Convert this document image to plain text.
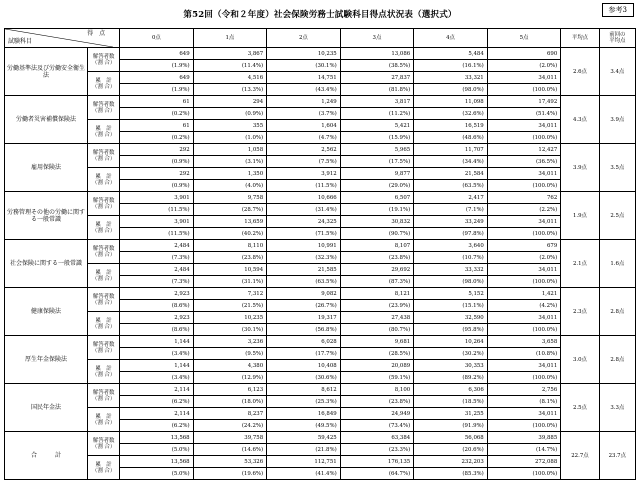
第52回（令和２年度）社会保険労務士試験科目得点状況表（選択式）	参考3
得　点
試験科目		0点	1点	2点	3点	4点	5点	平均点	前回の
平均点
労働基準法及び労働安全衛生法	解答者数
（割 合）	649	3,867	10,235	13,086	5,484	690	2.6点	3.4点
		(1.9%)	(11.4%)	(30.1%)	(38.5%)	(16.1%)	(2.0%)		
	累　計
（割 合）	649	4,516	14,751	27,837	33,321	34,011		
		(1.9%)	(13.3%)	(43.4%)	(81.8%)	(98.0%)	(100.0%)		
労働者災害補償保険法	解答者数
（割 合）	61	294	1,249	3,817	11,098	17,492	4.3点	3.9点
		(0.2%)	(0.9%)	(3.7%)	(11.2%)	(32.6%)	(51.4%)		
	累　計
（割 合）	61	355	1,604	5,421	16,519	34,011		
		(0.2%)	(1.0%)	(4.7%)	(15.9%)	(48.6%)	(100.0%)		
雇用保険法	解答者数
（割 合）	292	1,058	2,562	5,965	11,707	12,427	3.9点	3.5点
		(0.9%)	(3.1%)	(7.5%)	(17.5%)	(34.4%)	(36.5%)		
	累　計
（割 合）	292	1,350	3,912	9,877	21,584	34,011		
		(0.9%)	(4.0%)	(11.5%)	(29.0%)	(63.5%)	(100.0%)		
労務管理その他の労働に関する一般常識	解答者数
（割 合）	3,901	9,758	10,666	6,507	2,417	762	1.9点	2.5点
		(11.5%)	(28.7%)	(31.4%)	(19.1%)	(7.1%)	(2.2%)		
	累　計
（割 合）	3,901	13,659	24,325	30,832	33,249	34,011		
		(11.5%)	(40.2%)	(71.5%)	(90.7%)	(97.8%)	(100.0%)		
社会保険に関する一般常識	解答者数
（割 合）	2,484	8,110	10,991	8,107	3,640	679	2.1点	1.6点
		(7.3%)	(23.8%)	(32.3%)	(23.8%)	(10.7%)	(2.0%)		
	累　計
（割 合）	2,484	10,594	21,585	29,692	33,332	34,011		
		(7.3%)	(31.1%)	(63.5%)	(87.3%)	(98.0%)	(100.0%)		
健康保険法	解答者数
（割 合）	2,923	7,312	9,082	8,121	5,152	1,421	2.3点	2.8点
		(8.6%)	(21.5%)	(26.7%)	(23.9%)	(15.1%)	(4.2%)		
	累　計
（割 合）	2,923	10,235	19,317	27,438	32,590	34,011		
		(8.6%)	(30.1%)	(56.8%)	(80.7%)	(95.8%)	(100.0%)		
厚生年金保険法	解答者数
（割 合）	1,144	3,236	6,028	9,681	10,264	3,658	3.0点	2.8点
		(3.4%)	(9.5%)	(17.7%)	(28.5%)	(30.2%)	(10.8%)		
	累　計
（割 合）	1,144	4,380	10,408	20,089	30,353	34,011		
		(3.4%)	(12.9%)	(30.6%)	(59.1%)	(89.2%)	(100.0%)		
国民年金法	解答者数
（割 合）	2,114	6,123	8,612	8,100	6,306	2,756	2.5点	3.3点
		(6.2%)	(18.0%)	(25.3%)	(23.8%)	(18.5%)	(8.1%)		
	累　計
（割 合）	2,114	8,237	16,849	24,949	31,255	34,011		
		(6.2%)	(24.2%)	(49.5%)	(73.4%)	(91.9%)	(100.0%)		
合　　　計	解答者数
（割 合）	13,568	39,758	59,425	63,384	56,068	39,885	22.7点	23.7点
		(5.0%)	(14.6%)	(21.8%)	(23.3%)	(20.6%)	(14.7%)		
	累　計
（割 合）	13,568	53,326	112,751	176,135	232,203	272,088		
		(5.0%)	(19.6%)	(41.4%)	(64.7%)	(85.3%)	(100.0%)		
